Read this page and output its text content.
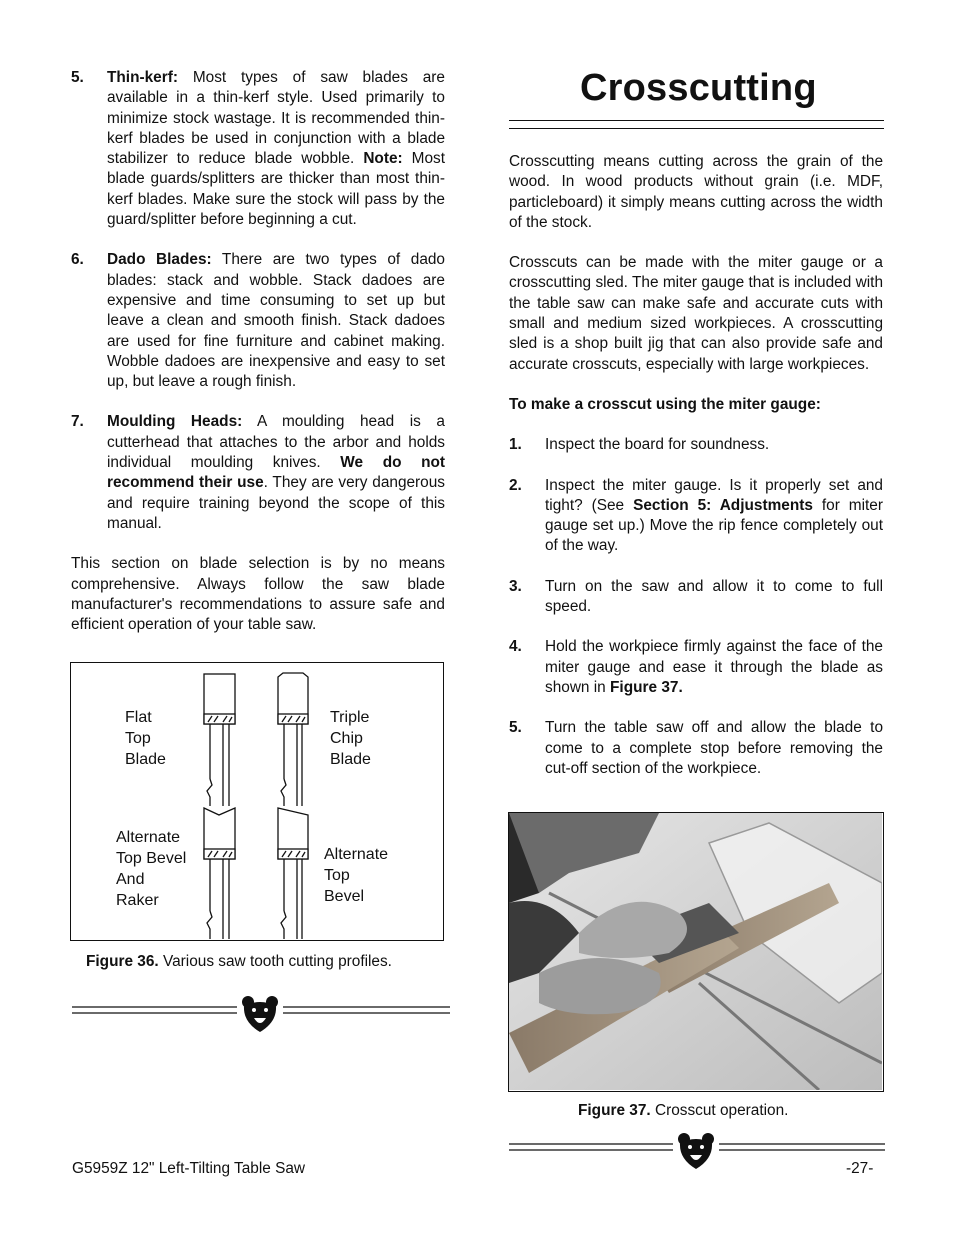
5.	Thin-kerf: Most types of saw blades are available in a thin-kerf style. Used primarily to minimize stock wastage. It is recommended thin-kerf blades be used in conjunction with a blade stabilizer to reduce blade wobble. Note: Most blade guards/splitters are thicker than most thin-kerf blades. Make sure the stock will pass by the guard/splitter before beginning a cut.
6.	Dado Blades: There are two types of dado blades: stack and wobble. Stack dadoes are expensive and time consuming to set up but leave a clean and smooth finish. Stack dadoes are used for fine furniture and cabinet making. Wobble dadoes are inexpensive and easy to set up, but leave a rough finish.
7.	Moulding Heads: A moulding head is a cutterhead that attaches to the arbor and holds individual moulding knives. We do not recommend their use. They are very dangerous and require training beyond the scope of this manual.
This section on blade selection is by no means comprehensive. Always follow the saw blade manufacturer's recommendations to assure safe and efficient operation of your table saw.
Flat
Top
Blade
Triple
Chip
Blade
Alternate
Top Bevel
And
Raker
Alternate
Top
Bevel
Figure 36. Various saw tooth cutting profiles.
Crosscutting
Crosscutting means cutting across the grain of the wood. In wood products without grain (i.e. MDF, particleboard) it simply means cutting across the width of the stock.
Crosscuts can be made with the miter gauge or a crosscutting sled. The miter gauge that is included with the table saw can make safe and accurate cuts with small and medium sized workpieces. A crosscutting sled is a shop built jig that can also provide safe and accurate crosscuts, especially with large workpieces.
To make a crosscut using the miter gauge:
1.	Inspect the board for soundness.
2.	Inspect the miter gauge. Is it properly set and tight? (See Section 5: Adjustments for miter gauge set up.) Move the rip fence completely out of the way.
3.	Turn on the saw and allow it to come to full speed.
4.	Hold the workpiece firmly against the face of the miter gauge and ease it through the blade as shown in Figure 37.
5.	Turn the table saw off and allow the blade to come to a complete stop before removing the cut-off section of the workpiece.
Figure 37. Crosscut operation.
G5959Z 12" Left-Tilting Table Saw	-27-
